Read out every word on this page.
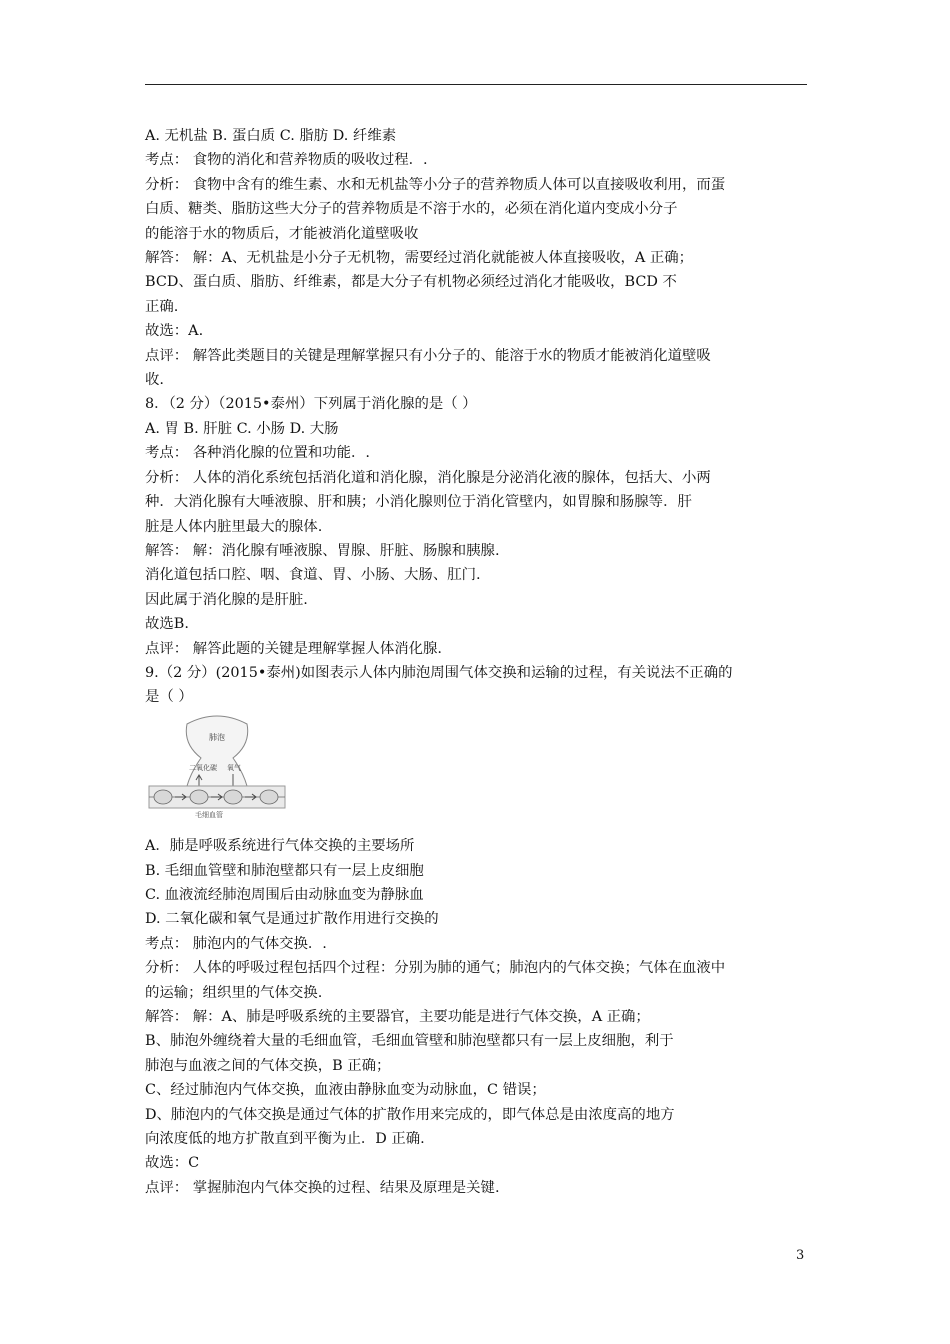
A. 无机盐 B. 蛋白质 C. 脂肪 D. 纤维素
考点： 食物的消化和营养物质的吸收过程．.
分析： 食物中含有的维生素、水和无机盐等小分子的营养物质人体可以直接吸收利用，而蛋
白质、糖类、脂肪这些大分子的营养物质是不溶于水的，必须在消化道内变成小分子
的能溶于水的物质后，才能被消化道壁吸收
解答： 解：A、无机盐是小分子无机物，需要经过消化就能被人体直接吸收，A 正确；
BCD、蛋白质、脂肪、纤维素，都是大分子有机物必须经过消化才能吸收，BCD 不
正确.
故选：A.
点评： 解答此类题目的关键是理解掌握只有小分子的、能溶于水的物质才能被消化道壁吸
收.
8．（2 分）（2015•泰州）下列属于消化腺的是（ ）
A. 胃 B. 肝脏 C. 小肠 D. 大肠
考点： 各种消化腺的位置和功能．.
分析： 人体的消化系统包括消化道和消化腺，消化腺是分泌消化液的腺体，包括大、小两
种．大消化腺有大唾液腺、肝和胰；小消化腺则位于消化管壁内，如胃腺和肠腺等．肝
脏是人体内脏里最大的腺体.
解答： 解：消化腺有唾液腺、胃腺、肝脏、肠腺和胰腺.
消化道包括口腔、咽、食道、胃、小肠、大肠、肛门.
因此属于消化腺的是肝脏.
故选B.
点评： 解答此题的关键是理解掌握人体消化腺.
9.（2 分）(2015•泰州)如图表示人体内肺泡周围气体交换和运输的过程，有关说法不正确的
是（ ）
肺泡
二氧化碳 氧气
毛细血管
A．肺是呼吸系统进行气体交换的主要场所
B. 毛细血管壁和肺泡壁都只有一层上皮细胞
C. 血液流经肺泡周围后由动脉血变为静脉血
D. 二氧化碳和氧气是通过扩散作用进行交换的
考点： 肺泡内的气体交换．.
分析： 人体的呼吸过程包括四个过程：分别为肺的通气；肺泡内的气体交换；气体在血液中
的运输；组织里的气体交换.
解答： 解：A、肺是呼吸系统的主要器官，主要功能是进行气体交换，A 正确；
B、肺泡外缠绕着大量的毛细血管，毛细血管壁和肺泡壁都只有一层上皮细胞，利于
肺泡与血液之间的气体交换，B 正确；
C、经过肺泡内气体交换，血液由静脉血变为动脉血，C 错误；
D、肺泡内的气体交换是通过气体的扩散作用来完成的，即气体总是由浓度高的地方
向浓度低的地方扩散直到平衡为止．D 正确.
故选：C
点评： 掌握肺泡内气体交换的过程、结果及原理是关键.
3
